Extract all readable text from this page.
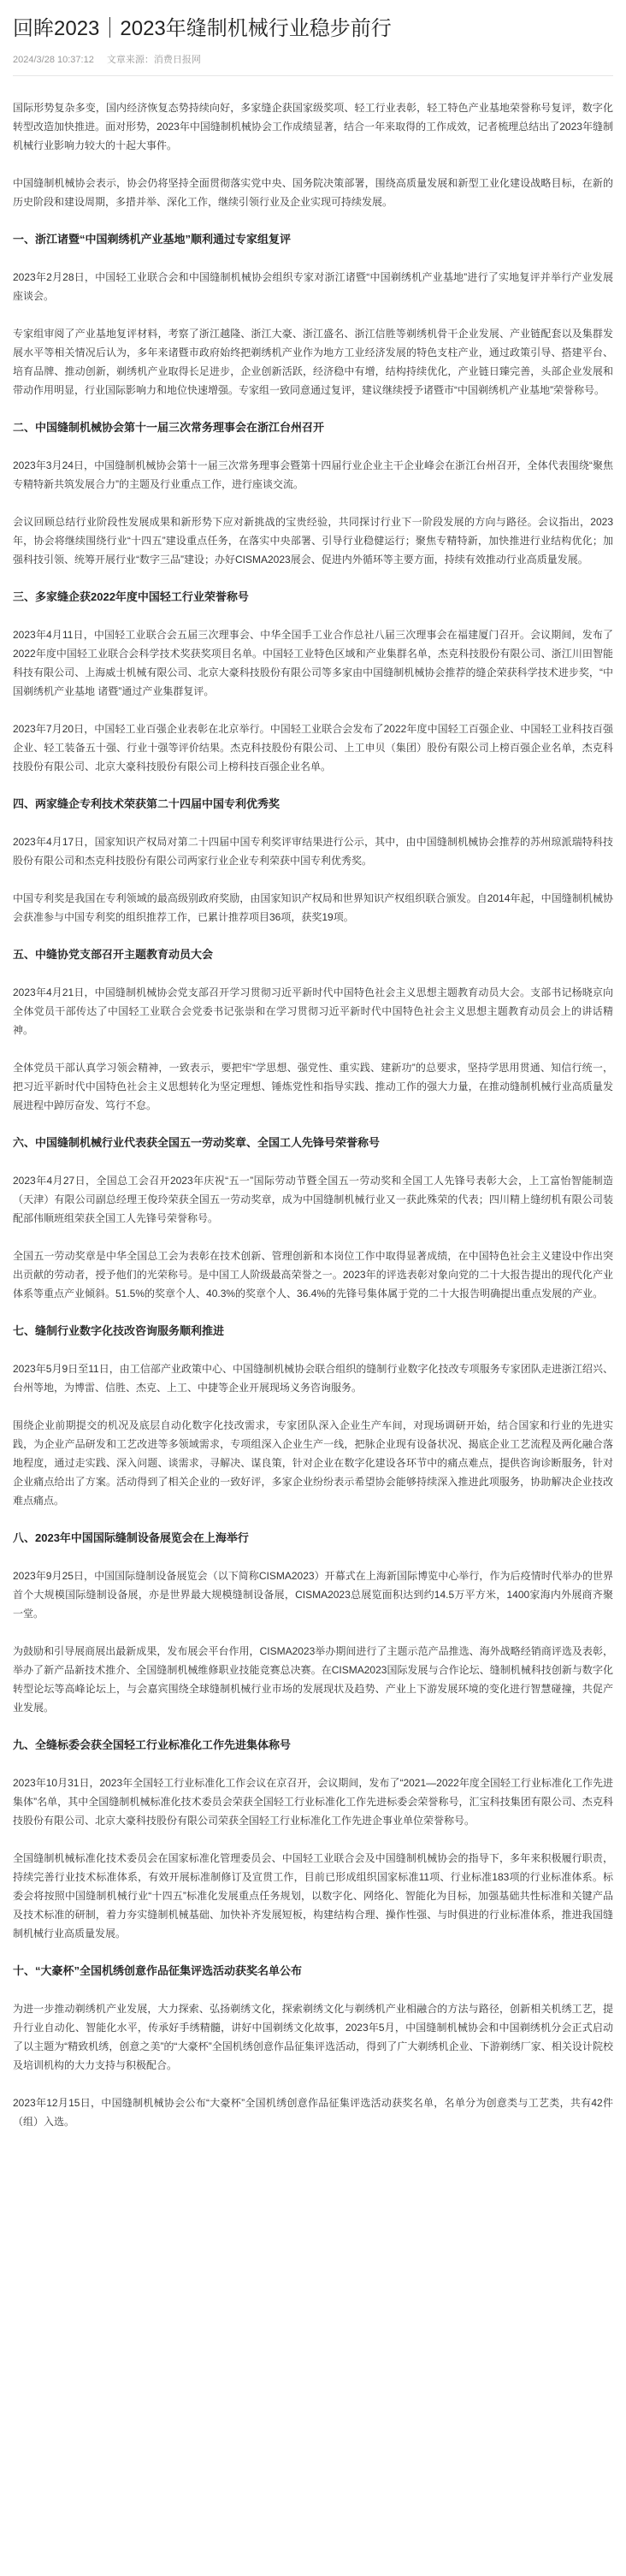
回眸2023｜2023年缝制机械行业稳步前行
2024/3/28 10:37:12 文章来源：消费日报网

国际形势复杂多变，国内经济恢复态势持续向好，多家缝企获国家级奖项、轻工行业表彰，轻工特色产业基地荣誉称号复评，数字化转型改造加快推进。面对形势，2023年中国缝制机械协会工作成绩显著，结合一年来取得的工作成效，记者梳理总结出了2023年缝制机械行业影响力较大的十起大事件。

中国缝制机械协会表示，协会仍将坚持全面贯彻落实党中央、国务院决策部署，围绕高质量发展和新型工业化建设战略目标，在新的历史阶段和建设周期，多措并举、深化工作，继续引领行业及企业实现可持续发展。

一、浙江诸暨“中国剃绣机产业基地”顺利通过专家组复评

2023年2月28日，中国轻工业联合会和中国缝制机械协会组织专家对浙江诸暨“中国剃绣机产业基地”进行了实地复评并举行产业发展座谈会。

专家组审阅了产业基地复评材料，考察了浙江越隆、浙江大豪、浙江盛名、浙江信胜等剃绣机骨干企业发展、产业链配套以及集群发展水平等相关情况后认为，多年来诸暨市政府始终把剃绣机产业作为地方工业经济发展的特色支柱产业，通过政策引导、搭建平台、培育品牌、推动创新，剃绣机产业取得长足进步，企业创新活跃，经济稳中有增，结构持续优化，产业链日臻完善，头部企业发展和带动作用明显，行业国际影响力和地位快速增强。专家组一致同意通过复评，建议继续授予诸暨市“中国剃绣机产业基地”荣誉称号。

二、中国缝制机械协会第十一届三次常务理事会在浙江台州召开

2023年3月24日，中国缝制机械协会第十一届三次常务理事会暨第十四届行业企业主干企业峰会在浙江台州召开，全体代表围绕“聚焦专精特新共筑发展合力”的主题及行业重点工作，进行座谈交流。

会议回顾总结行业阶段性发展成果和新形势下应对新挑战的宝贵经验，共同探讨行业下一阶段发展的方向与路径。会议指出，2023年，协会将继续围绕行业“十四五”建设重点任务，在落实中央部署、引导行业稳健运行；聚焦专精特新，加快推进行业结构优化；加强科技引领、统筹开展行业“数字三品”建设；办好CISMA2023展会、促进内外循环等主要方面，持续有效推动行业高质量发展。

三、多家缝企获2022年度中国轻工行业荣誉称号

2023年4月11日，中国轻工业联合会五届三次理事会、中华全国手工业合作总社八届三次理事会在福建厦门召开。会议期间，发布了2022年度中国轻工业联合会科学技术奖获奖项目名单。中国轻工业特色区域和产业集群名单，杰克科技股份有限公司、浙江川田智能科技有限公司、上海威士机械有限公司、北京大豪科技股份有限公司等多家由中国缝制机械协会推荐的缝企荣获科学技术进步奖，“中国剃绣机产业基地 诸暨”通过产业集群复评。

2023年7月20日，中国轻工业百强企业表彰在北京举行。中国轻工业联合会发布了2022年度中国轻工百强企业、中国轻工业科技百强企业、轻工装备五十强、行业十强等评价结果。杰克科技股份有限公司、上工申贝（集团）股份有限公司上榜百强企业名单，杰克科技股份有限公司、北京大豪科技股份有限公司上榜科技百强企业名单。

四、两家缝企专利技术荣获第二十四届中国专利优秀奖

2023年4月17日，国家知识产权局对第二十四届中国专利奖评审结果进行公示，其中，由中国缝制机械协会推荐的苏州琼派瑞特科技股份有限公司和杰克科技股份有限公司两家行业企业专利荣获中国专利优秀奖。

中国专利奖是我国在专利领域的最高级别政府奖励，由国家知识产权局和世界知识产权组织联合颁发。自2014年起，中国缝制机械协会获准参与中国专利奖的组织推荐工作，已累计推荐项目36项，获奖19项。

五、中缝协党支部召开主题教育动员大会

2023年4月21日，中国缝制机械协会党支部召开学习贯彻习近平新时代中国特色社会主义思想主题教育动员大会。支部书记杨晓京向全体党员干部传达了中国轻工业联合会党委书记张崇和在学习贯彻习近平新时代中国特色社会主义思想主题教育动员会上的讲话精神。

全体党员干部认真学习领会精神，一致表示，要把牢“学思想、强党性、重实践、建新功”的总要求，坚持学思用贯通、知信行统一，把习近平新时代中国特色社会主义思想转化为坚定理想、锤炼党性和指导实践、推动工作的强大力量，在推动缝制机械行业高质量发展进程中踔厉奋发、笃行不怠。

六、中国缝制机械行业代表获全国五一劳动奖章、全国工人先锋号荣誉称号

2023年4月27日，全国总工会召开2023年庆祝“五一”国际劳动节暨全国五一劳动奖和全国工人先锋号表彰大会，上工富怡智能制造（天津）有限公司副总经理王俊玲荣获全国五一劳动奖章，成为中国缝制机械行业又一获此殊荣的代表；四川精上缝纫机有限公司装配部伟顺班组荣获全国工人先锋号荣誉称号。

全国五一劳动奖章是中华全国总工会为表彰在技术创新、管理创新和本岗位工作中取得显著成绩，在中国特色社会主义建设中作出突出贡献的劳动者，授予他们的光荣称号。是中国工人阶级最高荣誉之一。2023年的评选表彰对象向党的二十大报告提出的现代化产业体系等重点产业倾斜。51.5%的奖章个人、40.3%的奖章个人、36.4%的先锋号集体属于党的二十大报告明确提出重点发展的产业。

七、缝制行业数字化技改咨询服务顺利推进

2023年5月9日至11日，由工信部产业政策中心、中国缝制机械协会联合组织的缝制行业数字化技改专项服务专家团队走进浙江绍兴、台州等地，为博雷、信胜、杰克、上工、中捷等企业开展现场义务咨询服务。

围绕企业前期提交的机况及底层自动化数字化技改需求，专家团队深入企业生产车间，对现场调研开始，结合国家和行业的先进实践，为企业产品研发和工艺改进等多领域需求，专项组深入企业生产一线，把脉企业现有设备状况、揭底企业工艺流程及两化融合落地程度，通过走实践、深入问题、谈需求，寻解决、谋良策，针对企业在数字化建设各环节中的痛点难点，提供咨询诊断服务，针对企业痛点给出了方案。活动得到了相关企业的一致好评，多家企业纷纷表示希望协会能够持续深入推进此项服务，协助解决企业技改难点痛点。

八、2023年中国国际缝制设备展览会在上海举行

2023年9月25日，中国国际缝制设备展览会（以下简称CISMA2023）开幕式在上海新国际博览中心举行，作为后疫情时代举办的世界首个大规模国际缝制设备展，亦是世界最大规模缝制设备展，CISMA2023总展览面积达到约14.5万平方米，1400家海内外展商齐聚一堂。

为鼓励和引导展商展出最新成果，发布展会平台作用，CISMA2023举办期间进行了主题示范产品推选、海外战略经销商评选及表彰，举办了新产品新技术推介、全国缝制机械维修职业技能竞赛总决赛。在CISMA2023国际发展与合作论坛、缝制机械科技创新与数字化转型论坛等高峰论坛上，与会嘉宾围绕全球缝制机械行业市场的发展现状及趋势、产业上下游发展环境的变化进行智慧碰撞，共促产业发展。

九、全缝标委会获全国轻工行业标准化工作先进集体称号

2023年10月31日，2023年全国轻工行业标准化工作会议在京召开，会议期间，发布了“2021—2022年度全国轻工行业标准化工作先进集体”名单，其中全国缝制机械标准化技术委员会荣获全国轻工行业标准化工作先进标委会荣誉称号，汇宝科技集团有限公司、杰克科技股份有限公司、北京大豪科技股份有限公司荣获全国轻工行业标准化工作先进企事业单位荣誉称号。

全国缝制机械标准化技术委员会在国家标准化管理委员会、中国轻工业联合会及中国缝制机械协会的指导下，多年来积极履行职责，持续完善行业技术标准体系，有效开展标准制修订及宣贯工作，目前已形成组织国家标准11项、行业标准183项的行业标准体系。标委会将按照中国缝制机械行业“十四五”标准化发展重点任务规划，以数字化、网络化、智能化为目标，加强基础共性标准和关键产品及技术标准的研制，着力夯实缝制机械基础、加快补齐发展短板，构建结构合理、操作性强、与时俱进的行业标准体系，推进我国缝制机械行业高质量发展。

十、“大豪杯”全国机绣创意作品征集评选活动获奖名单公布

为进一步推动剃绣机产业发展，大力探索、弘扬剃绣文化，探索剃绣文化与剃绣机产业相融合的方法与路径，创新相关机绣工艺，提升行业自动化、智能化水平，传承好手绣精髓，讲好中国剃绣文化故事，2023年5月，中国缝制机械协会和中国剃绣机分会正式启动了以主题为“精致机绣，创意之美”的“大豪杯”全国机绣创意作品征集评选活动，得到了广大剃绣机企业、下游剃绣厂家、相关设计院校及培训机构的大力支持与积极配合。

2023年12月15日，中国缝制机械协会公布“大豪杯”全国机绣创意作品征集评选活动获奖名单，名单分为创意类与工艺类，共有42件（组）入选。
